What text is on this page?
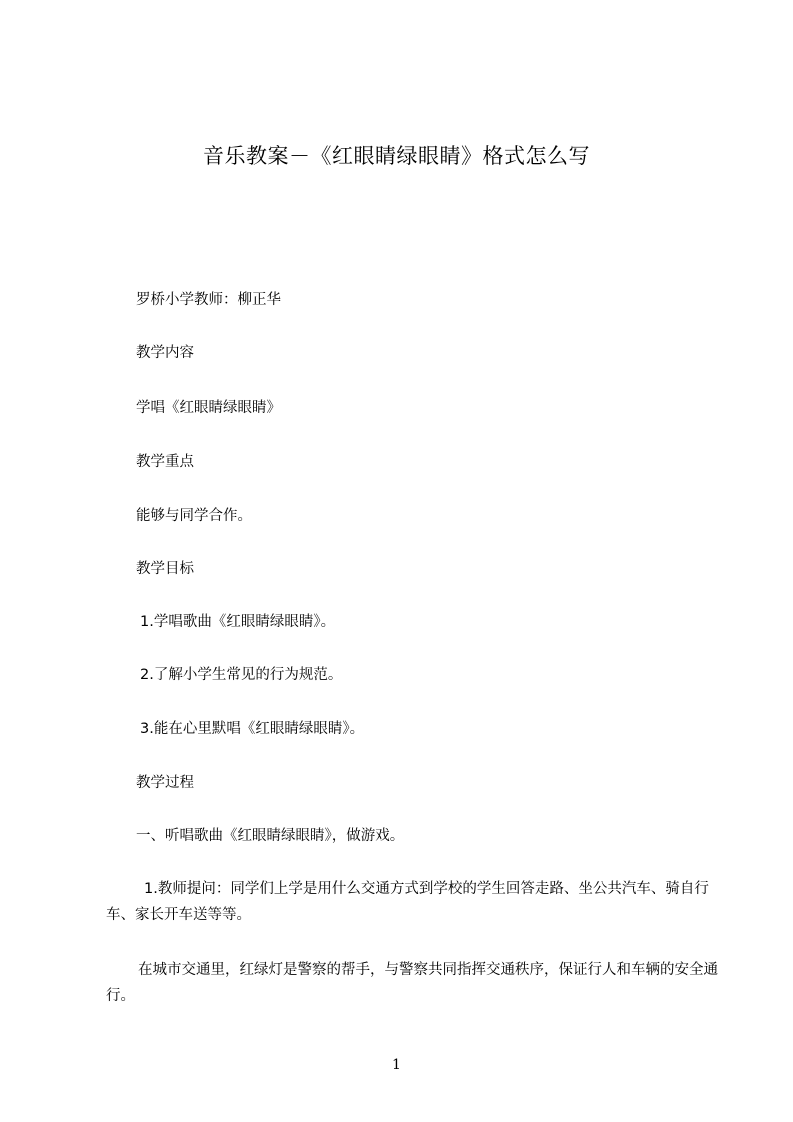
音乐教案－《红眼睛绿眼睛》格式怎么写
罗桥小学教师：柳正华
教学内容
学唱《红眼睛绿眼睛》
教学重点
能够与同学合作。
教学目标
1.学唱歌曲《红眼睛绿眼睛》。
2.了解小学生常见的行为规范。
3.能在心里默唱《红眼睛绿眼睛》。
教学过程
一、听唱歌曲《红眼睛绿眼睛》，做游戏。
1.教师提问：同学们上学是用什么交通方式到学校的学生回答走路、坐公共汽车、骑自行车、家长开车送等等。
在城市交通里，红绿灯是警察的帮手，与警察共同指挥交通秩序，保证行人和车辆的安全通行。
1
